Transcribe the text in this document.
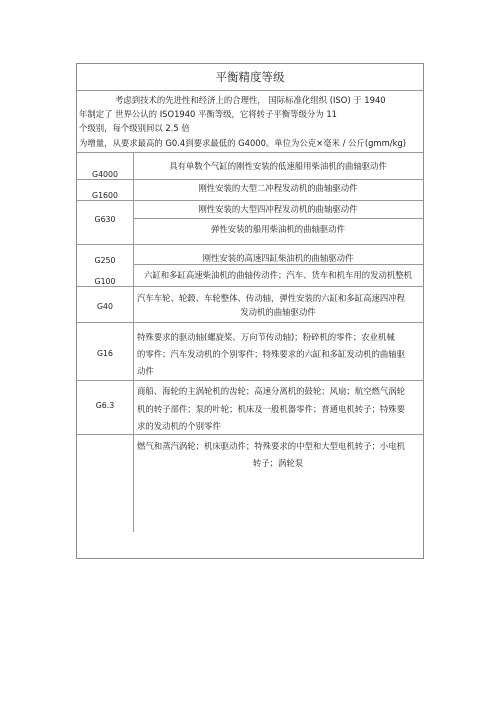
平衡精度等级
考虑到技术的先进性和经济上的合理性， 国际标准化组织 (ISO) 于 1940
年制定了 世界公认的 ISO1940 平衡等级，它将转子平衡等级分为 11
个级别，每个级别间以 2.5 倍
为增量，从要求最高的 G0.4到要求最低的 G4000。单位为公克×毫米 / 公斤(gmm/kg)
具有单数个气缸的刚性安装的低速船用柴油机的曲轴驱动件
G4000
刚性安装的大型二冲程发动机的曲轴驱动件
G1600
刚性安装的大型四冲程发动机的曲轴驱动件
G630
弹性安装的船用柴油机的曲轴驱动件
刚性安装的高速四缸柴油机的曲轴驱动件
G250
六缸和多缸高速柴油机的曲轴传动件；汽车、货车和机车用的发动机整机
G100
汽车车轮、轮毂、车轮整体、传动轴，弹性安装的六缸和多缸高速四冲程
G40
发动机的曲轴驱动件
特殊要求的驱动轴(螺旋桨、万向节传动轴)；粉碎机的零件；农业机械
G16	的零件；汽车发动机的个别零件；特殊要求的六缸和多缸发动机的曲轴驱
动件
商船、海轮的主涡轮机的齿轮；高速分离机的鼓轮；风扇；航空燃气涡轮
机的转子部件；泵的叶轮；机床及一般机器零件；普通电机转子；特殊要
G6.3
求的发动机的个别零件
燃气和蒸汽涡轮；机床驱动件；特殊要求的中型和大型电机转子；小电机
转子；涡轮泵
